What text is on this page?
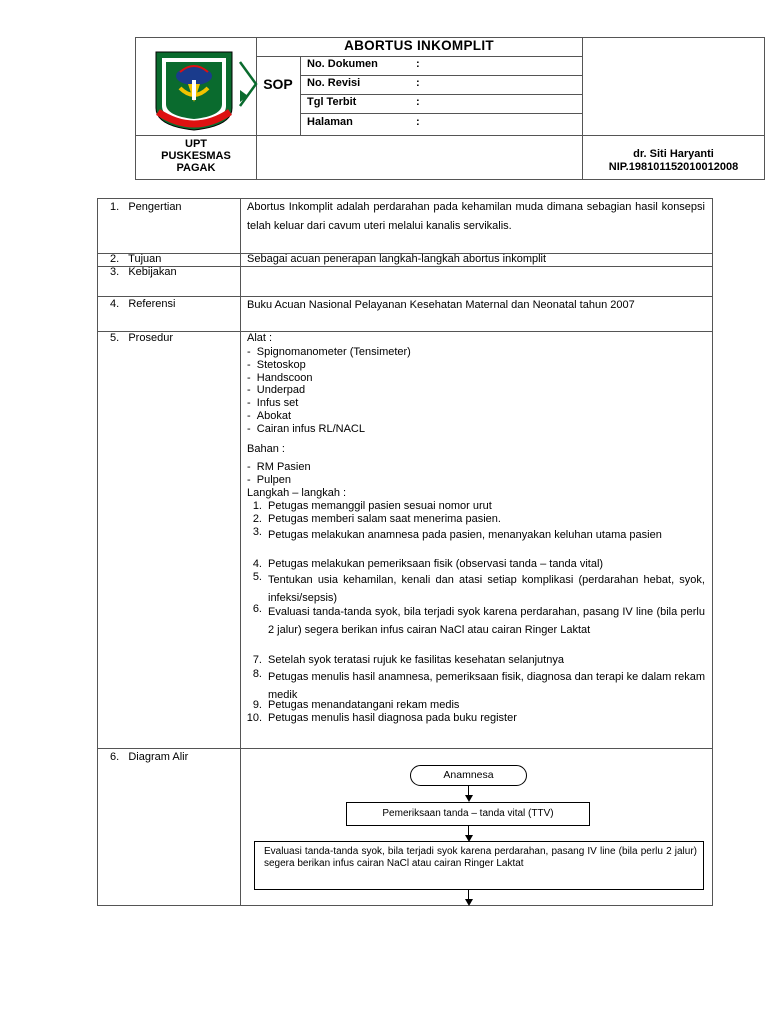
SOP
ABORTUS INKOMPLIT
No. Dokumen	:
No. Revisi	:
Tgl Terbit	:
Halaman	:
UPT
PUSKESMAS
PAGAK
dr. Siti Haryanti
NIP.198101152010012008
1.   Pengertian	Abortus Inkomplit adalah perdarahan pada kehamilan muda dimana sebagian hasil konsepsi telah keluar dari cavum uteri melalui kanalis servikalis.
2.   Tujuan	Sebagai acuan penerapan langkah-langkah abortus inkomplit
3.   Kebijakan
4.   Referensi	Buku Acuan Nasional Pelayanan Kesehatan Maternal dan Neonatal tahun 2007
5.   Prosedur	Alat :
-  Spignomanometer (Tensimeter)
-  Stetoskop
-  Handscoon
-  Underpad
-  Infus set
-  Abokat
-  Cairan infus RL/NACL
Bahan :
-  RM Pasien
-  Pulpen
Langkah – langkah :
1. Petugas memanggil pasien sesuai nomor urut
2. Petugas memberi salam saat menerima pasien.
3. Petugas melakukan anamnesa pada pasien, menanyakan keluhan utama pasien
4. Petugas melakukan pemeriksaan fisik (observasi tanda – tanda vital)
5. Tentukan usia kehamilan, kenali dan atasi setiap komplikasi (perdarahan hebat, syok, infeksi/sepsis)
6. Evaluasi tanda-tanda syok, bila terjadi syok karena perdarahan, pasang IV line (bila perlu 2 jalur) segera berikan infus cairan NaCl atau cairan Ringer Laktat
7. Setelah syok teratasi rujuk ke fasilitas kesehatan selanjutnya
8. Petugas menulis hasil anamnesa, pemeriksaan fisik, diagnosa dan terapi ke dalam rekam medik
9. Petugas menandatangani rekam medis
10. Petugas menulis hasil diagnosa pada buku register
6.   Diagram Alir
Anamnesa
Pemeriksaan tanda – tanda vital (TTV)
Evaluasi tanda-tanda syok, bila terjadi syok karena perdarahan, pasang IV line (bila perlu 2 jalur) segera berikan infus cairan NaCl atau cairan Ringer Laktat
